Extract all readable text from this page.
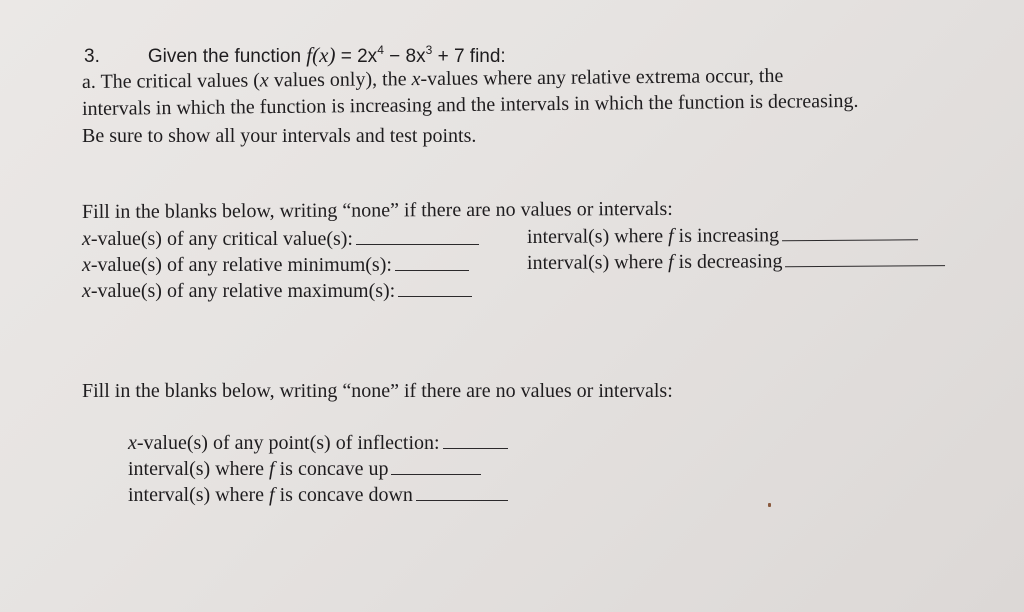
3.	Given the function $f(x) = 2x^4 - 8x^3 + 7$ find:
a. The critical values (x values only), the x-values where any relative extrema occur, the
intervals in which the function is increasing and the intervals in which the function is decreasing.
Be sure to show all your intervals and test points.
Fill in the blanks below, writing “none” if there are no values or intervals:
x-value(s) of any critical value(s):
x-value(s) of any relative minimum(s):
x-value(s) of any relative maximum(s):
interval(s) where f is increasing
interval(s) where f is decreasing
Fill in the blanks below, writing “none” if there are no values or intervals:
x-value(s) of any point(s) of inflection:
interval(s) where f is concave up
interval(s) where f is concave down
